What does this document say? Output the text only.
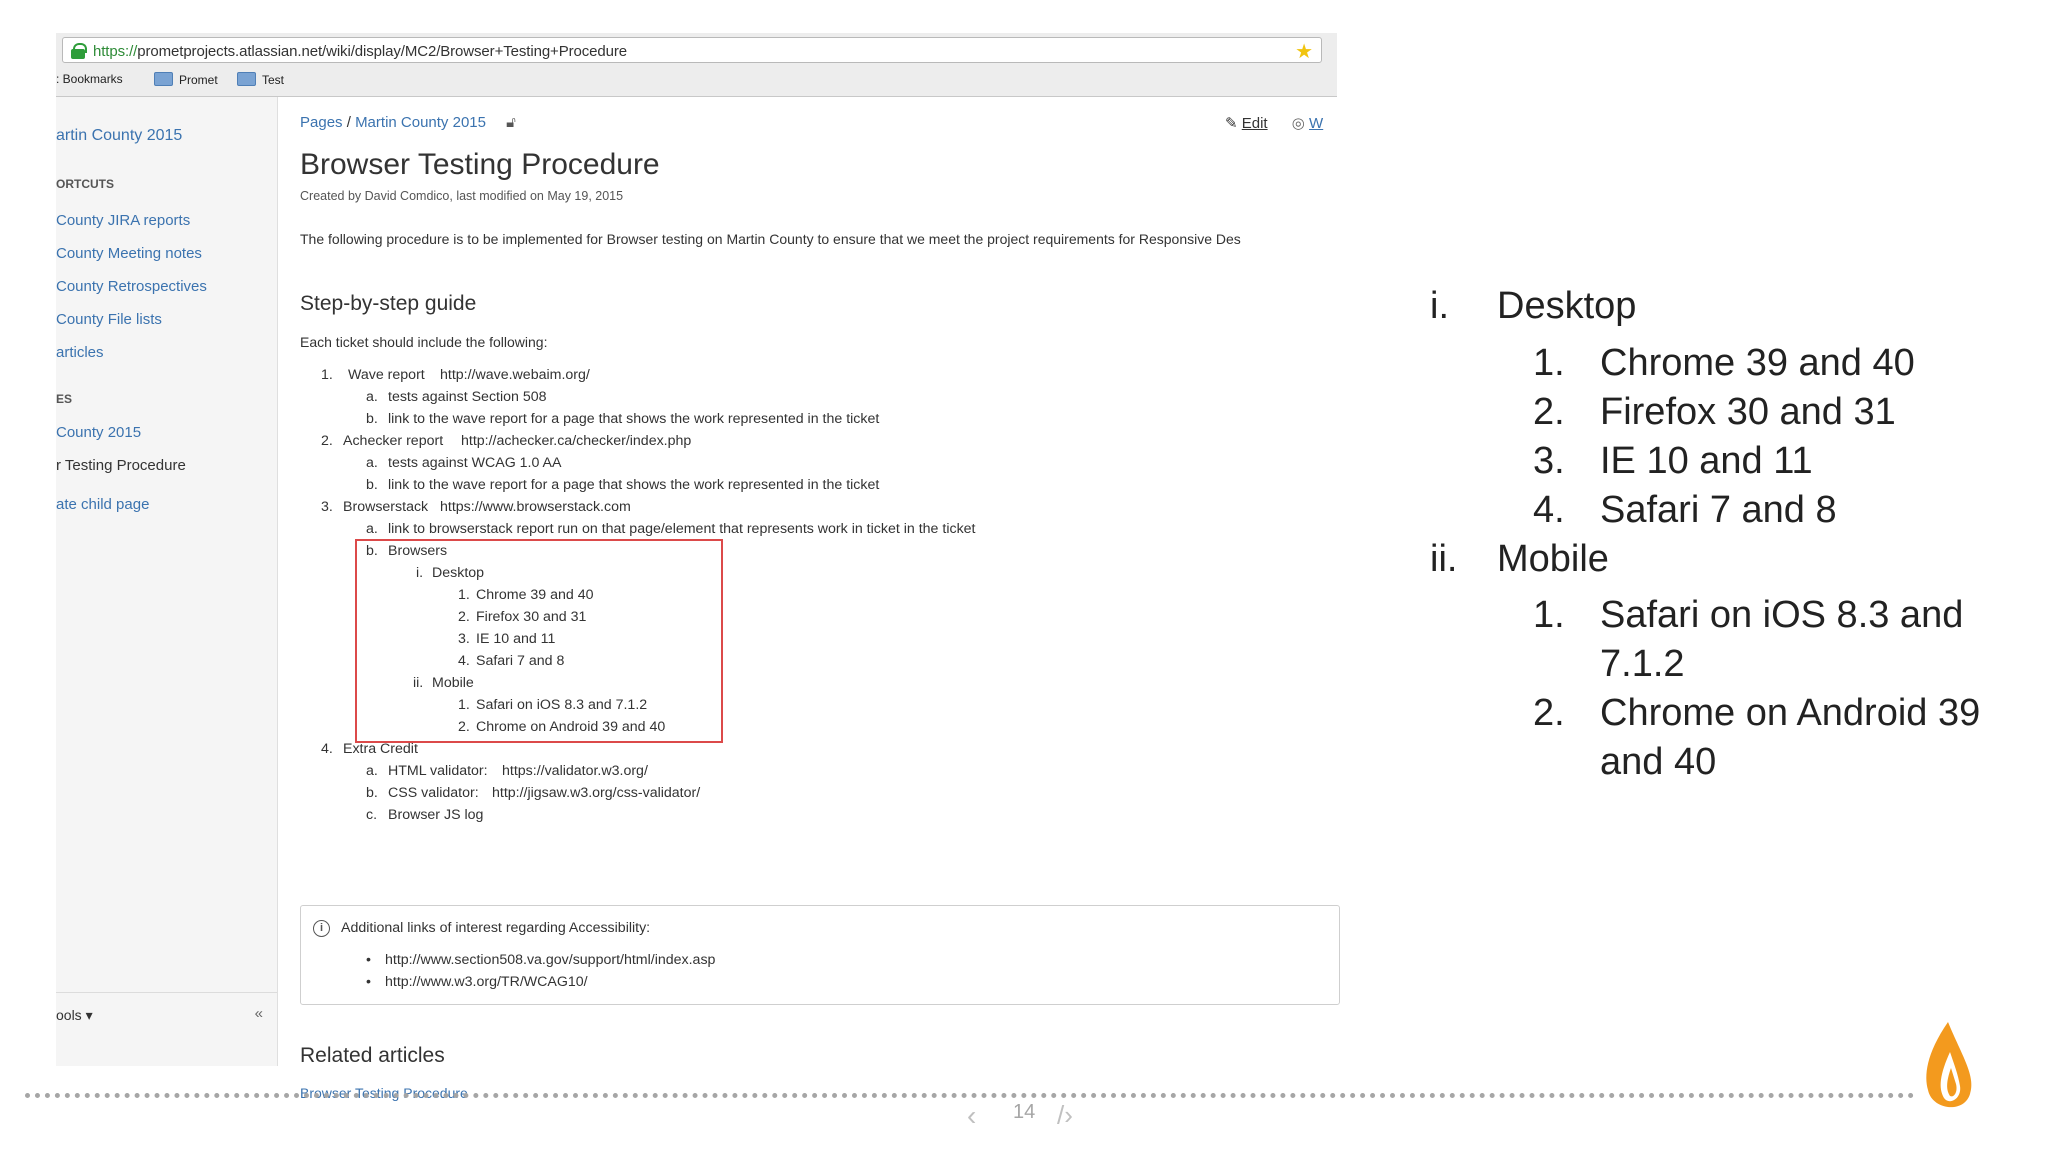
https://prometprojects.atlassian.net/wiki/display/MC2/Browser+Testing+Procedure	★
: Bookmarks	Promet	Test
artin County 2015
ORTCUTS
County JIRA reports
County Meeting notes
County Retrospectives
County File lists
articles
ES
County 2015
r Testing Procedure
ate child page
ools ▾	«
Pages / Martin County 2015 🔓︎	✎ Edit ◎ W
Browser Testing Procedure
Created by David Comdico, last modified on May 19, 2015
The following procedure is to be implemented for Browser testing on Martin County to ensure that we meet the project requirements for Responsive Des
Step-by-step guide
Each ticket should include the following:
1. Wave report http://wave.webaim.org/
a. tests against Section 508
b. link to the wave report for a page that shows the work represented in the ticket
2. Achecker report http://achecker.ca/checker/index.php
a. tests against WCAG 1.0 AA
b. link to the wave report for a page that shows the work represented in the ticket
3. Browserstack https://www.browserstack.com
a. link to browserstack report run on that page/element that represents work in ticket in the ticket
b. Browsers
i. Desktop
1. Chrome 39 and 40
2. Firefox 30 and 31
3. IE 10 and 11
4. Safari 7 and 8
ii. Mobile
1. Safari on iOS 8.3 and 7.1.2
2. Chrome on Android 39 and 40
4. Extra Credit
a. HTML validator: https://validator.w3.org/
b. CSS validator: http://jigsaw.w3.org/css-validator/
c. Browser JS log
i	Additional links of interest regarding Accessibility:
• http://www.section508.va.gov/support/html/index.asp
• http://www.w3.org/TR/WCAG10/
Related articles
Browser Testing Procedure
i. Desktop
1. Chrome 39 and 40
2. Firefox 30 and 31
3. IE 10 and 11
4. Safari 7 and 8
ii. Mobile
1. Safari on iOS 8.3 and
7.1.2
2. Chrome on Android 39
and 40
‹ 14 /›
